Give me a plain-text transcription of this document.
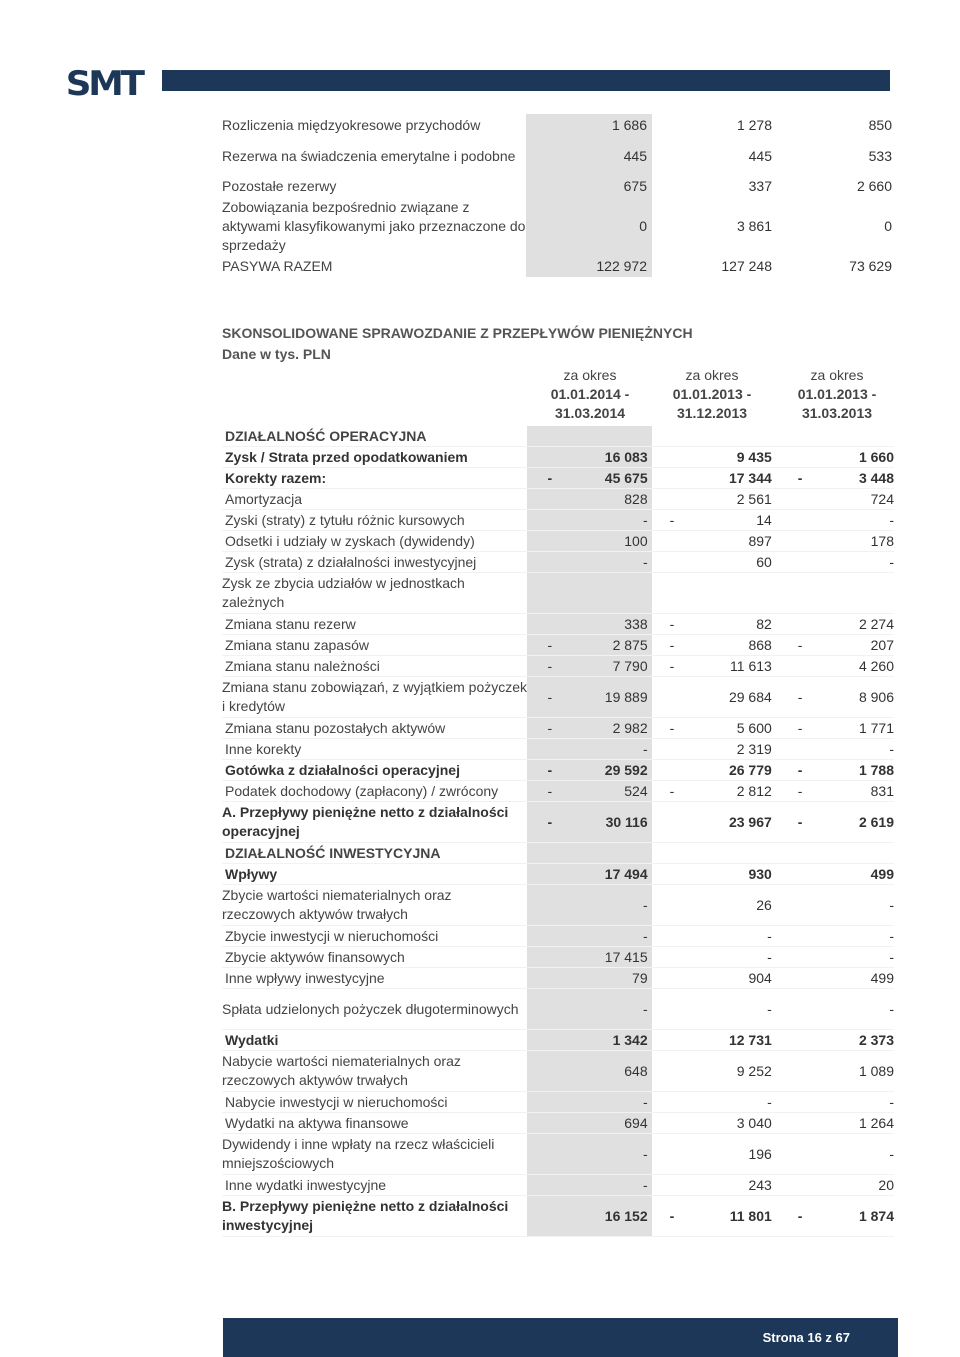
SMT
Rozliczenia międzyokresowe przychodów	1 686	1 278	850
Rezerwa na świadczenia emerytalne i podobne	445	445	533
Pozostałe rezerwy	675	337	2 660
Zobowiązania bezpośrednio związane z aktywami klasyfikowanymi jako przeznaczone do sprzedaży	0	3 861	0
PASYWA RAZEM	122 972	127 248	73 629
SKONSOLIDOWANE SPRAWOZDANIE Z PRZEPŁYWÓW PIENIĘŻNYCH
Dane w tys. PLN
za okres
01.01.2014 -
31.03.2014
za okres
01.01.2013 -
31.12.2013
za okres
01.01.2013 -
31.03.2013
DZIAŁALNOŚĆ OPERACYJNA						
Zysk / Strata przed opodatkowaniem		16 083		9 435		1 660
Korekty razem:	-	45 675		17 344	-	3 448
Amortyzacja		828		2 561		724
Zyski (straty) z tytułu różnic kursowych		-	-	14		-
Odsetki i udziały w zyskach (dywidendy)		100		897		178
Zysk (strata) z działalności inwestycyjnej		-		60		-
Zysk ze zbycia udziałów w jednostkach zależnych						
Zmiana stanu rezerw		338	-	82		2 274
Zmiana stanu zapasów	-	2 875	-	868	-	207
Zmiana stanu należności	-	7 790	-	11 613		4 260
Zmiana stanu zobowiązań, z wyjątkiem pożyczek i kredytów	-	19 889		29 684	-	8 906
Zmiana stanu pozostałych aktywów	-	2 982	-	5 600	-	1 771
Inne korekty		-		2 319		-
Gotówka z działalności operacyjnej	-	29 592		26 779	-	1 788
Podatek dochodowy (zapłacony) / zwrócony	-	524	-	2 812	-	831
A. Przepływy pieniężne netto z działalności operacyjnej	-	30 116		23 967	-	2 619
DZIAŁALNOŚĆ INWESTYCYJNA						
Wpływy		17 494		930		499
Zbycie wartości niematerialnych oraz rzeczowych aktywów trwałych		-		26		-
Zbycie inwestycji w nieruchomości		-		-		-
Zbycie aktywów finansowych		17 415		-		-
Inne wpływy inwestycyjne		79		904		499
Spłata udzielonych pożyczek długoterminowych		-		-		-
Wydatki		1 342		12 731		2 373
Nabycie wartości niematerialnych oraz rzeczowych aktywów trwałych		648		9 252		1 089
Nabycie inwestycji w nieruchomości		-		-		-
Wydatki na aktywa finansowe		694		3 040		1 264
Dywidendy i inne wpłaty na rzecz właścicieli mniejszościowych		-		196		-
Inne wydatki inwestycyjne		-		243		20
B. Przepływy pieniężne netto z działalności inwestycyjnej		16 152	-	11 801	-	1 874
Strona 16 z 67
